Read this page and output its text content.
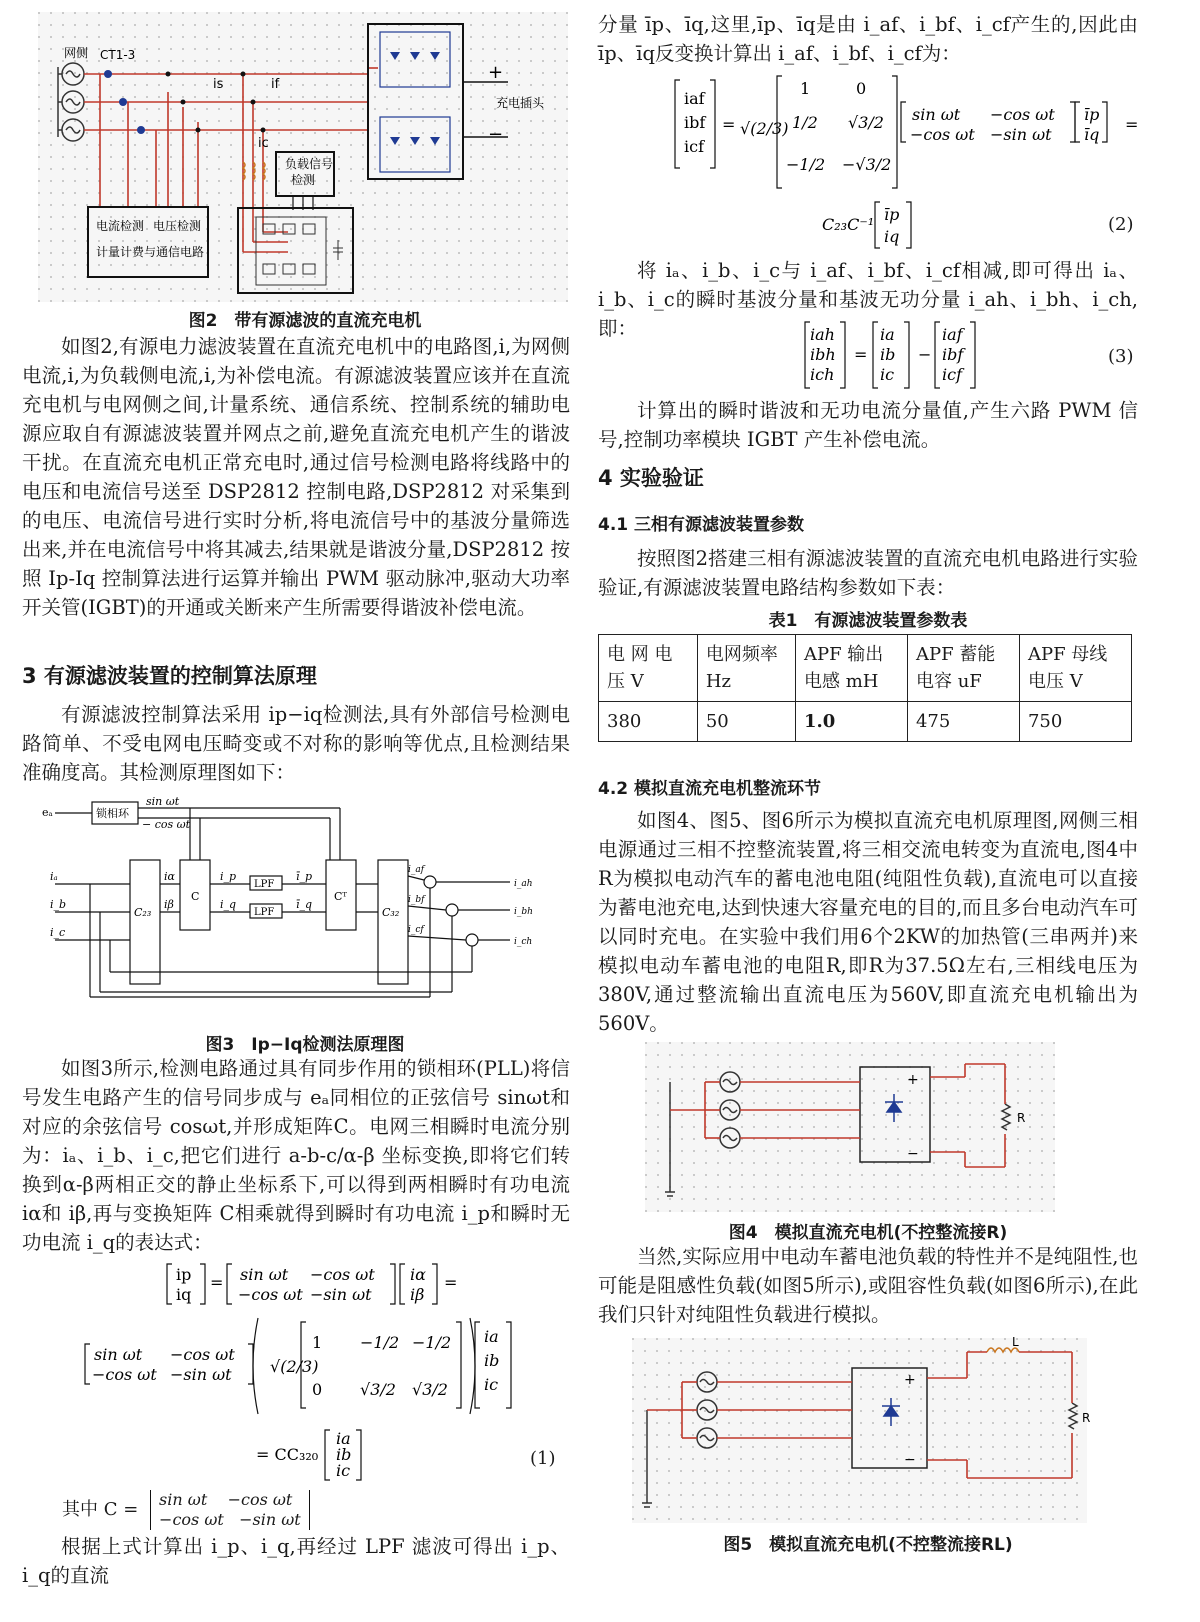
网侧 CT1-3
is	if
ic
负载信号
检测
电流检测 电压检测
计量计费与通信电路
充电插头
+
−

图2　带有源滤波的直流充电机

如图2,有源电力滤波装置在直流充电机中的电路图,i,为网侧电流,i,为负载侧电流,i,为补偿电流。有源滤波装置应该并在直流充电机与电网侧之间,计量系统、通信系统、控制系统的辅助电源应取自有源滤波装置并网点之前,避免直流充电机产生的谐波干扰。在直流充电机正常充电时,通过信号检测电路将线路中的电压和电流信号送至 DSP2812 控制电路,DSP2812 对采集到的电压、电流信号进行实时分析,将电流信号中的基波分量筛选出来,并在电流信号中将其减去,结果就是谐波分量,DSP2812 按照 Ip-Iq 控制算法进行运算并输出 PWM 驱动脉冲,驱动大功率开关管(IGBT)的开通或关断来产生所需要得谐波补偿电流。

3 有源滤波装置的控制算法原理

有源滤波控制算法采用 ip−iq检测法,具有外部信号检测电路简单、不受电网电压畸变或不对称的影响等优点,且检测结果准确度高。其检测原理图如下：

eₐ	锁相环
sin ωt
− cos ωt
iₐ
i_b
i_c
C₂₃
C
iα
iβ
i_p
i_q
LPF
LPF
ī_p
ī_q
Cᵀ
C₃₂
i_af
i_bf
i_cf
i_ah
i_bh
i_ch

图3　Ip−Iq检测法原理图

如图3所示,检测电路通过具有同步作用的锁相环(PLL)将信号发生电路产生的信号同步成与 eₐ同相位的正弦信号 sinωt和对应的余弦信号 cosωt,并形成矩阵C。电网三相瞬时电流分别为：iₐ、i_b、i_c,把它们进行 a-b-c/α-β 坐标变换,即将它们转换到α-β两相正交的静止坐标系下,可以得到两相瞬时有功电流 iα和 iβ,再与变换矩阵 C相乘就得到瞬时有功电流 i_p和瞬时无功电流 i_q的表达式：

ip
iq
= sin ωt −cos ωt
−cos ωt −sin ωt
iα
iβ
=
sin ωt −cos ωt
−cos ωt −sin ωt √(2/3)
1 −1/2 −1/2
0 √3/2 √3/2
ia
ib
ic
= CC₃₂₀
ia
ib
ic
(1)
其中 C = sin ωt    −cos ωt
−cos ωt   −sin ωt

根据上式计算出 i_p、i_q,再经过 LPF 滤波可得出 i_p、i_q的直流

分量 īp、īq,这里,īp、īq是由 i_af、i_bf、i_cf产生的,因此由 īp、īq反变换计算出 i_af、i_bf、i_cf为：

iaf
ibf
icf
= √(2/3)
1	0
1/2 √3/2
−1/2 −√3/2
sin ωt −cos ωt
−cos ωt −sin ωt
īp
īq
=
C₂₃C⁻¹
īp
iq
(2)

将 iₐ、i_b、i_c与 i_af、i_bf、i_cf相减,即可得出 iₐ、i_b、i_c的瞬时基波分量和基波无功分量 i_ah、i_bh、i_ch,即：	iah
ibh
ich
=
ia
ib
ic
−
iaf
ibf
icf
(3)

计算出的瞬时谐波和无功电流分量值,产生六路 PWM 信号,控制功率模块 IGBT 产生补偿电流。

4 实验验证

4.1 三相有源滤波装置参数

按照图2搭建三相有源滤波装置的直流充电机电路进行实验验证,有源滤波装置电路结构参数如下表：

表1　有源滤波装置参数表

电 网 电压 V	电网频率 Hz	APF 输出电感 mH	APF 蓄能电容 uF	APF 母线电压 V
380	50	1.0	475	750

4.2 模拟直流充电机整流环节

如图4、图5、图6所示为模拟直流充电机原理图,网侧三相电源通过三相不控整流装置,将三相交流电转变为直流电,图4中R为模拟电动汽车的蓄电池电阻(纯阻性负载),直流电可以直接为蓄电池充电,达到快速大容量充电的目的,而且多台电动汽车可以同时充电。在实验中我们用6个2KW的加热管(三串两并)来模拟电动车蓄电池的电阻R,即R为37.5Ω左右,三相线电压为380V,通过整流输出直流电压为560V,即直流充电机输出为560V。

R
+
−

图4　模拟直流充电机(不控整流接R)

当然,实际应用中电动车蓄电池负载的特性并不是纯阻性,也可能是阻感性负载(如图5所示),或阻容性负载(如图6所示),在此我们只针对纯阻性负载进行模拟。

L
R
+
−

图5　模拟直流充电机(不控整流接RL)
